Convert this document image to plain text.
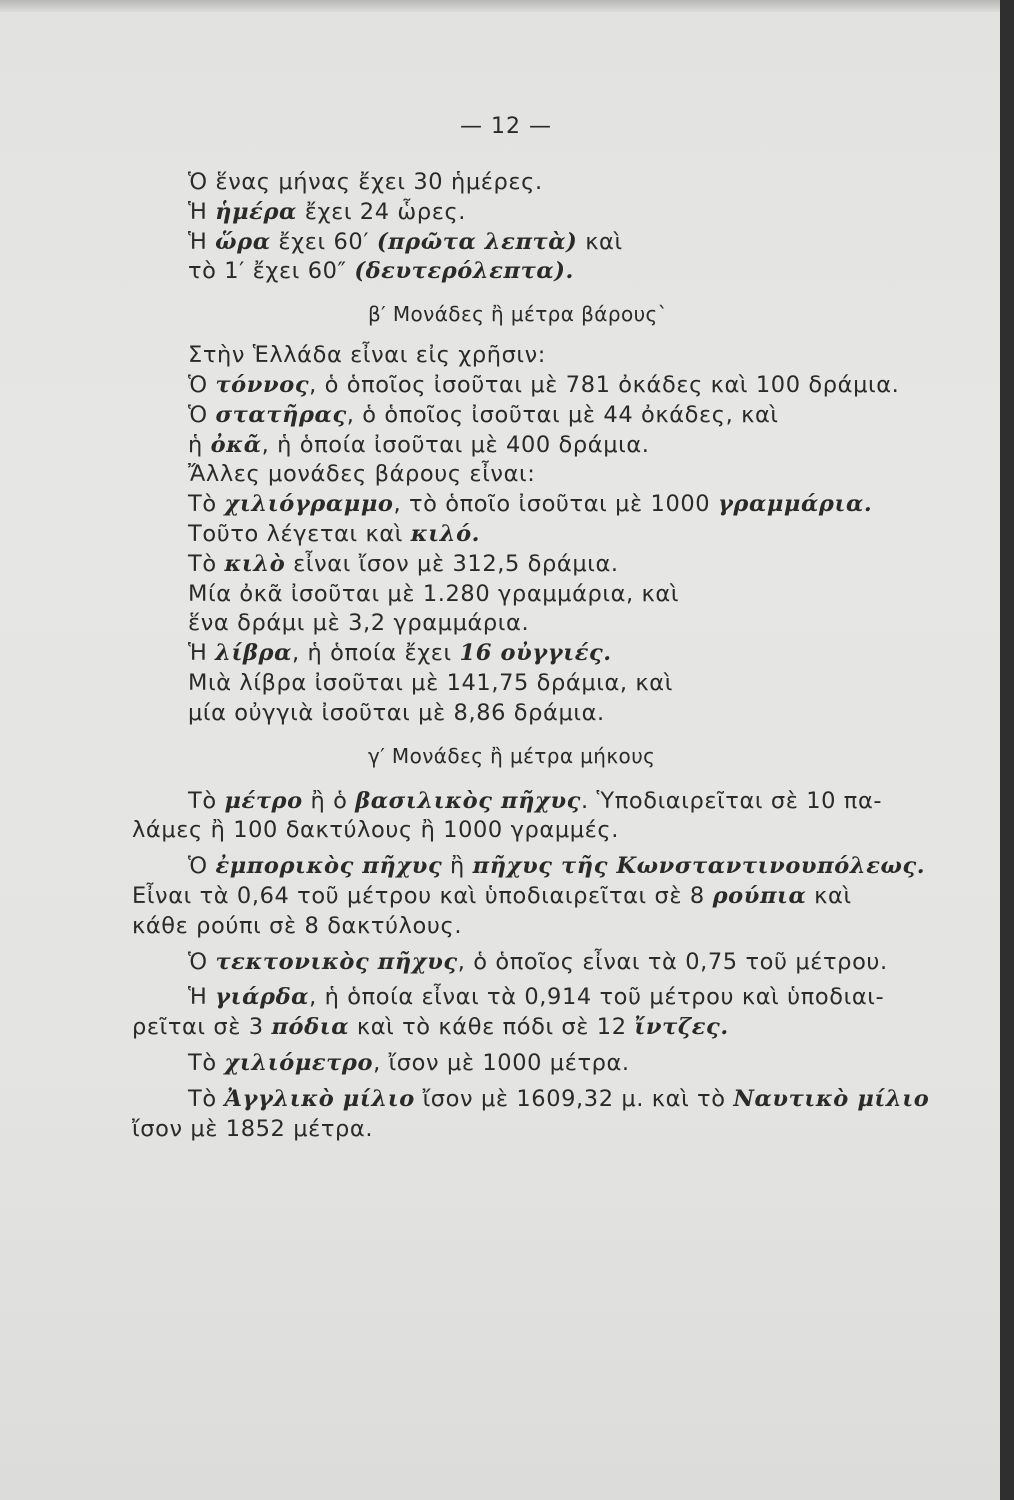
— 12 —
Ὁ ἕνας μήνας ἔχει 30 ἡμέρες.
Ἡ ἡμέρα ἔχει 24 ὧρες.
Ἡ ὥρα ἔχει 60′ (πρῶτα λεπτὰ) καὶ
τὸ 1′ ἔχει 60″ (δευτερόλεπτα).
β′ Μονάδες ἢ μέτρα βάρους`
Στὴν Ἑλλάδα εἶναι εἰς χρῆσιν:
Ὁ τόννος, ὁ ὁποῖος ἰσοῦται μὲ 781 ὀκάδες καὶ 100 δράμια.
Ὁ στατῆρας, ὁ ὁποῖος ἰσοῦται μὲ 44 ὀκάδες, καὶ
ἡ ὀκᾶ, ἡ ὁποία ἰσοῦται μὲ 400 δράμια.
Ἄλλες μονάδες βάρους εἶναι:
Τὸ χιλιόγραμμο, τὸ ὁποῖο ἰσοῦται μὲ 1000 γραμμάρια.
Τοῦτο λέγεται καὶ κιλό.
Τὸ κιλὸ εἶναι ἴσον μὲ 312,5 δράμια.
Μία ὀκᾶ ἰσοῦται μὲ 1.280 γραμμάρια, καὶ
ἕνα δράμι μὲ 3,2 γραμμάρια.
Ἡ λίβρα, ἡ ὁποία ἔχει 16 οὐγγιές.
Μιὰ λίβρα ἰσοῦται μὲ 141,75 δράμια, καὶ
μία οὐγγιὰ ἰσοῦται μὲ 8,86 δράμια.
γ′ Μονάδες ἢ μέτρα μήκους
Τὸ μέτρο ἢ ὁ βασιλικὸς πῆχυς. Ὑποδιαιρεῖται σὲ 10 πα-
λάμες ἢ 100 δακτύλους ἢ 1000 γραμμές.
Ὁ ἐμπορικὸς πῆχυς ἢ πῆχυς τῆς Κωνσταντινουπόλεως.
Εἶναι τὰ 0,64 τοῦ μέτρου καὶ ὑποδιαιρεῖται σὲ 8 ρούπια καὶ
κάθε ρούπι σὲ 8 δακτύλους.
Ὁ τεκτονικὸς πῆχυς, ὁ ὁποῖος εἶναι τὰ 0,75 τοῦ μέτρου.
Ἡ γιάρδα, ἡ ὁποία εἶναι τὰ 0,914 τοῦ μέτρου καὶ ὑποδιαι-
ρεῖται σὲ 3 πόδια καὶ τὸ κάθε πόδι σὲ 12 ἴντζες.
Τὸ χιλιόμετρο, ἴσον μὲ 1000 μέτρα.
Τὸ Ἀγγλικὸ μίλιο ἴσον μὲ 1609,32 μ. καὶ τὸ Ναυτικὸ μίλιο
ἴσον μὲ 1852 μέτρα.
